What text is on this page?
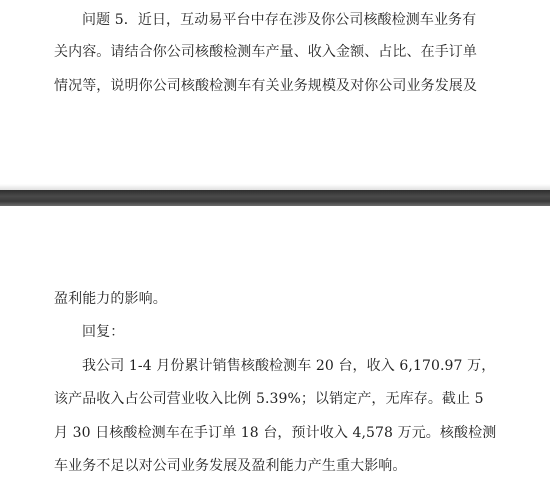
问题 5．近日，互动易平台中存在涉及你公司核酸检测车业务有
关内容。请结合你公司核酸检测车产量、收入金额、占比、在手订单
情况等，说明你公司核酸检测车有关业务规模及对你公司业务发展及
盈利能力的影响。
回复：
我公司 1-4 月份累计销售核酸检测车 20 台，收入 6,170.97 万，
该产品收入占公司营业收入比例 5.39%；以销定产，无库存。截止 5
月 30 日核酸检测车在手订单 18 台，预计收入 4,578 万元。核酸检测
车业务不足以对公司业务发展及盈利能力产生重大影响。
